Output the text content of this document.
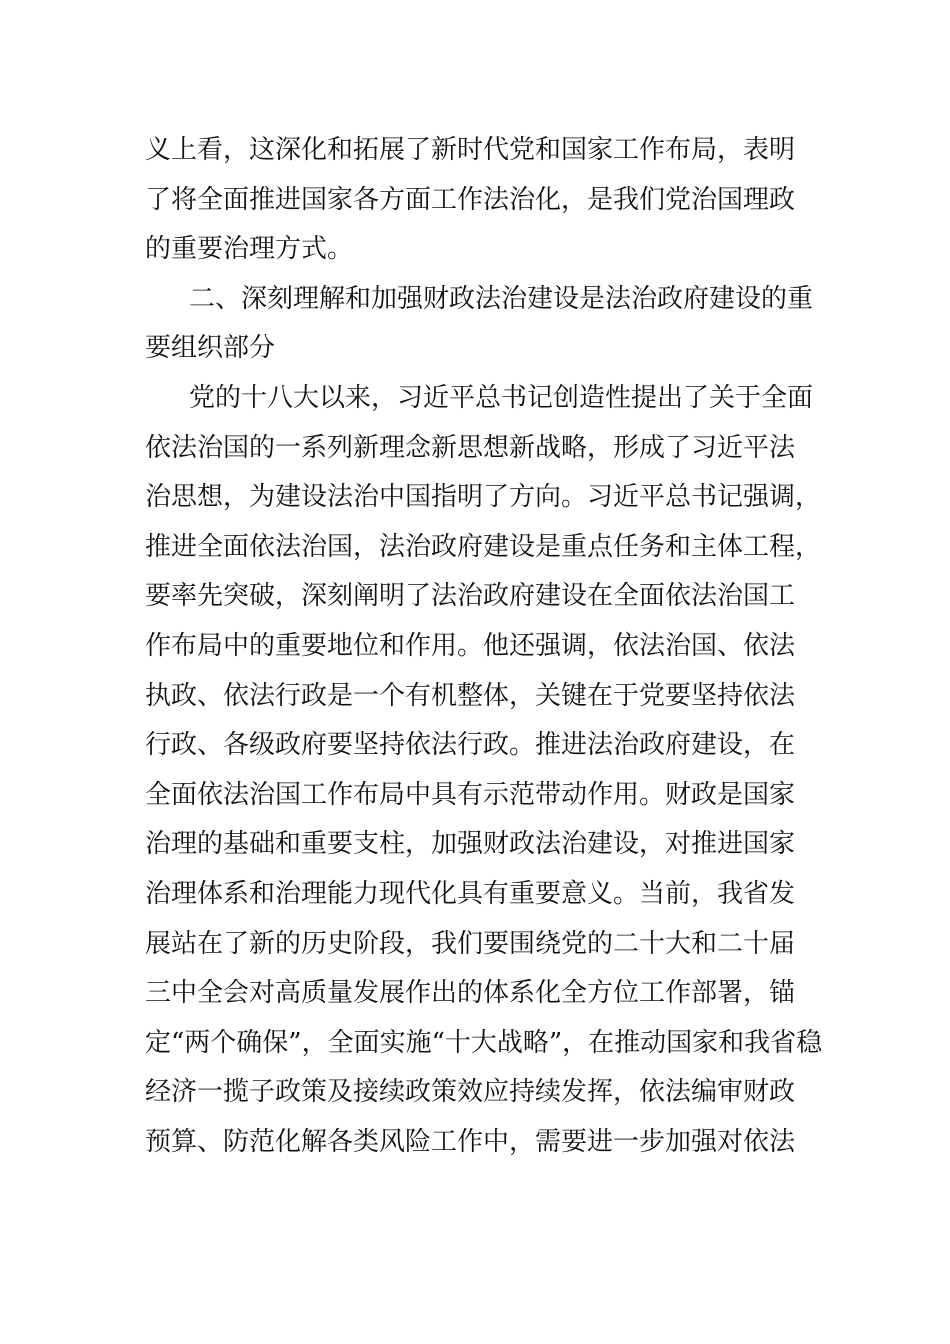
义上看，这深化和拓展了新时代党和国家工作布局，表明
了将全面推进国家各方面工作法治化，是我们党治国理政
的重要治理方式。
二、深刻理解和加强财政法治建设是法治政府建设的重
要组织部分
党的十八大以来，习近平总书记创造性提出了关于全面
依法治国的一系列新理念新思想新战略，形成了习近平法
治思想，为建设法治中国指明了方向。习近平总书记强调，
推进全面依法治国，法治政府建设是重点任务和主体工程，
要率先突破，深刻阐明了法治政府建设在全面依法治国工
作布局中的重要地位和作用。他还强调，依法治国、依法
执政、依法行政是一个有机整体，关键在于党要坚持依法
行政、各级政府要坚持依法行政。推进法治政府建设，在
全面依法治国工作布局中具有示范带动作用。财政是国家
治理的基础和重要支柱，加强财政法治建设，对推进国家
治理体系和治理能力现代化具有重要意义。当前，我省发
展站在了新的历史阶段，我们要围绕党的二十大和二十届
三中全会对高质量发展作出的体系化全方位工作部署，锚
定“两个确保”，全面实施“十大战略”，在推动国家和我省稳
经济一揽子政策及接续政策效应持续发挥，依法编审财政
预算、防范化解各类风险工作中，需要进一步加强对依法
